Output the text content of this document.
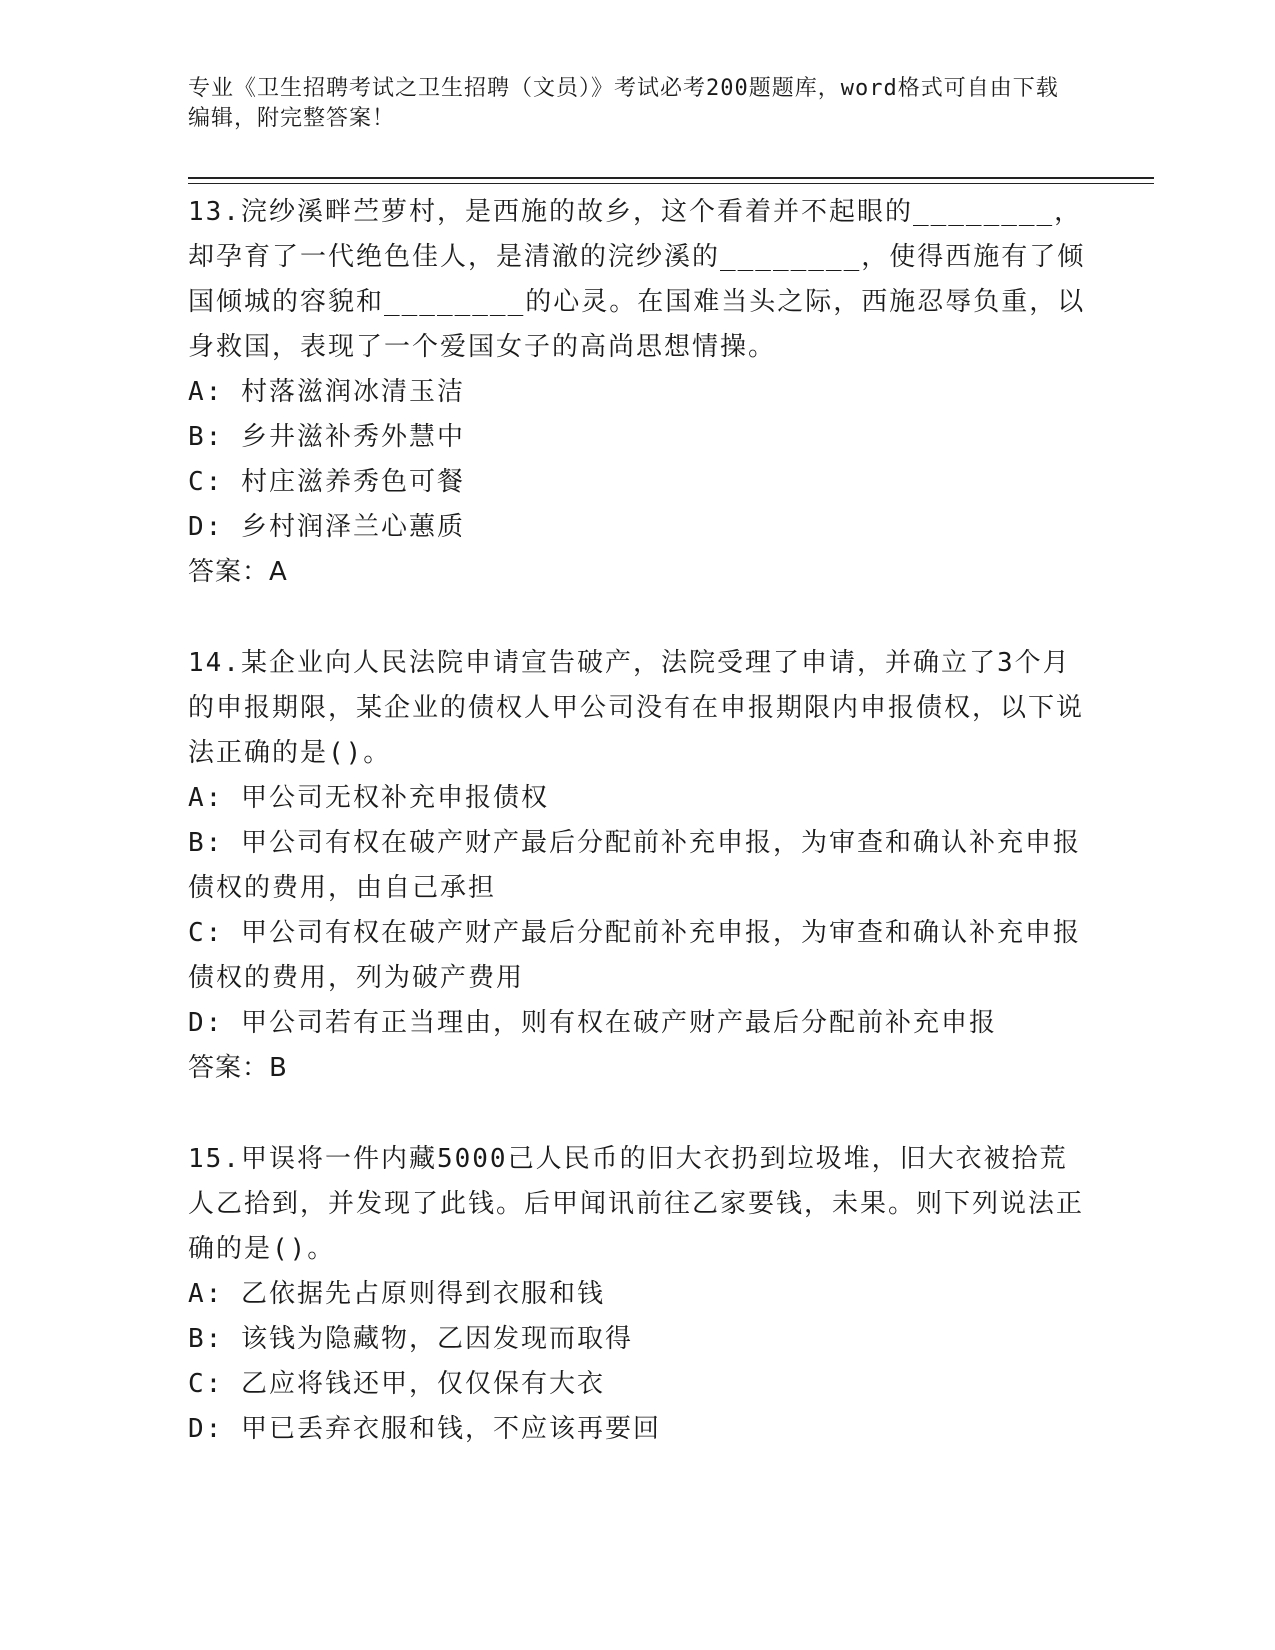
专业《卫生招聘考试之卫生招聘（文员）》考试必考200题题库，word格式可自由下载编辑，附完整答案！

13.浣纱溪畔苎萝村，是西施的故乡，这个看着并不起眼的________，却孕育了一代绝色佳人，是清澈的浣纱溪的________，使得西施有了倾国倾城的容貌和________的心灵。在国难当头之际，西施忍辱负重，以身救国，表现了一个爱国女子的高尚思想情操。

A: 村落滋润冰清玉洁

B: 乡井滋补秀外慧中

C: 村庄滋养秀色可餐

D: 乡村润泽兰心蕙质

答案：A

14.某企业向人民法院申请宣告破产，法院受理了申请，并确立了3个月的申报期限，某企业的债权人甲公司没有在申报期限内申报债权，以下说法正确的是()。

A: 甲公司无权补充申报债权

B: 甲公司有权在破产财产最后分配前补充申报，为审查和确认补充申报债权的费用，由自己承担

C: 甲公司有权在破产财产最后分配前补充申报，为审查和确认补充申报债权的费用，列为破产费用

D: 甲公司若有正当理由，则有权在破产财产最后分配前补充申报

答案：B

15.甲误将一件内藏5000己人民币的旧大衣扔到垃圾堆，旧大衣被拾荒人乙拾到，并发现了此钱。后甲闻讯前往乙家要钱，未果。则下列说法正确的是()。

A: 乙依据先占原则得到衣服和钱

B: 该钱为隐藏物，乙因发现而取得

C: 乙应将钱还甲，仅仅保有大衣

D: 甲已丢弃衣服和钱，不应该再要回
